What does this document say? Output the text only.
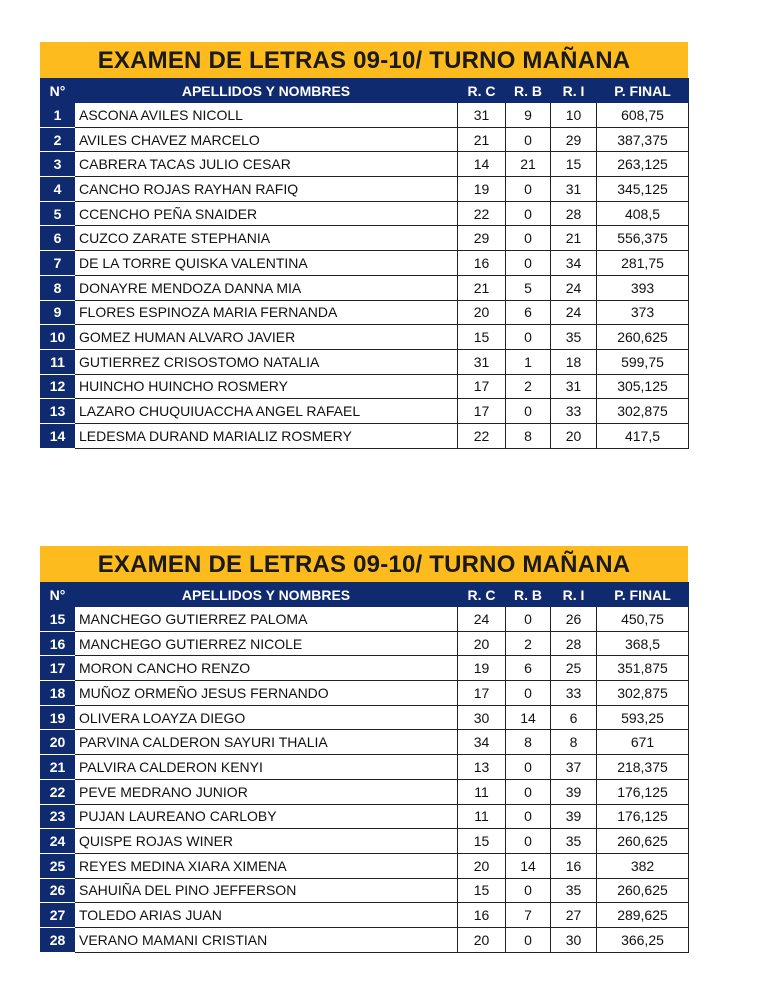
EXAMEN DE LETRAS 09-10/ TURNO MAÑANA
N°	APELLIDOS Y NOMBRES	R. C	R. B	R. I	P. FINAL
1	ASCONA AVILES NICOLL	31	9	10	608,75
2	AVILES CHAVEZ MARCELO	21	0	29	387,375
3	CABRERA TACAS JULIO CESAR	14	21	15	263,125
4	CANCHO ROJAS RAYHAN RAFIQ	19	0	31	345,125
5	CCENCHO PEÑA SNAIDER	22	0	28	408,5
6	CUZCO ZARATE STEPHANIA	29	0	21	556,375
7	DE LA TORRE QUISKA VALENTINA	16	0	34	281,75
8	DONAYRE MENDOZA DANNA MIA	21	5	24	393
9	FLORES ESPINOZA MARIA FERNANDA	20	6	24	373
10	GOMEZ HUMAN ALVARO JAVIER	15	0	35	260,625
11	GUTIERREZ CRISOSTOMO NATALIA	31	1	18	599,75
12	HUINCHO HUINCHO ROSMERY	17	2	31	305,125
13	LAZARO CHUQUIUACCHA ANGEL RAFAEL	17	0	33	302,875
14	LEDESMA DURAND MARIALIZ ROSMERY	22	8	20	417,5
EXAMEN DE LETRAS 09-10/ TURNO MAÑANA
N°	APELLIDOS Y NOMBRES	R. C	R. B	R. I	P. FINAL
15	MANCHEGO GUTIERREZ PALOMA	24	0	26	450,75
16	MANCHEGO GUTIERREZ NICOLE	20	2	28	368,5
17	MORON CANCHO RENZO	19	6	25	351,875
18	MUÑOZ ORMEÑO JESUS FERNANDO	17	0	33	302,875
19	OLIVERA LOAYZA DIEGO	30	14	6	593,25
20	PARVINA CALDERON SAYURI THALIA	34	8	8	671
21	PALVIRA CALDERON KENYI	13	0	37	218,375
22	PEVE MEDRANO JUNIOR	11	0	39	176,125
23	PUJAN LAUREANO CARLOBY	11	0	39	176,125
24	QUISPE ROJAS WINER	15	0	35	260,625
25	REYES MEDINA XIARA XIMENA	20	14	16	382
26	SAHUIÑA DEL PINO JEFFERSON	15	0	35	260,625
27	TOLEDO ARIAS JUAN	16	7	27	289,625
28	VERANO MAMANI CRISTIAN	20	0	30	366,25
